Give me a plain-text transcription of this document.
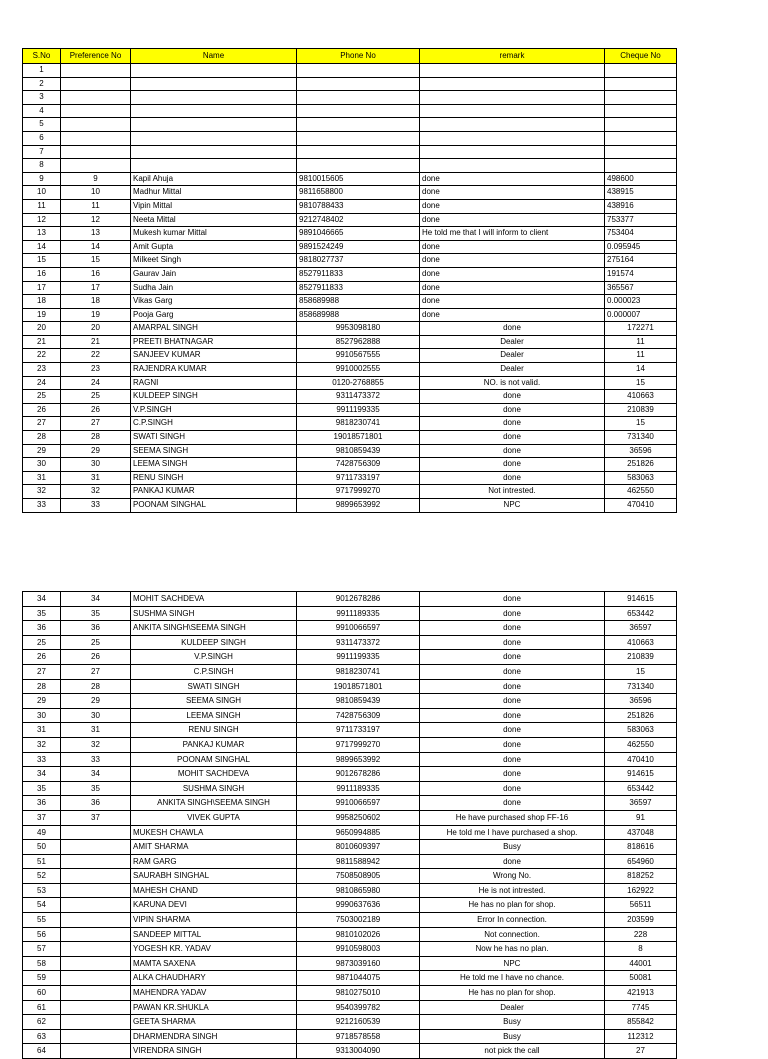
S.No	Preference No	Name	Phone No	remark	Cheque No
1					
2					
3					
4					
5					
6					
7					
8					
9	9	Kapil Ahuja	9810015605	done	498600
10	10	Madhur Mittal	9811658800	done	438915
11	11	Vipin Mittal	9810788433	done	438916
12	12	Neeta Mittal	9212748402	done	753377
13	13	Mukesh kumar Mittal	9891046665	He told me that I will inform to client	753404
14	14	Amit Gupta	9891524249	done	0.095945
15	15	Milkeet Singh	9818027737	done	275164
16	16	Gaurav Jain	8527911833	done	191574
17	17	Sudha Jain	8527911833	done	365567
18	18	Vikas Garg	858689988	done	0.000023
19	19	Pooja Garg	858689988	done	0.000007
20	20	AMARPAL SINGH	9953098180	done	172271
21	21	PREETI BHATNAGAR	8527962888	Dealer	11
22	22	SANJEEV KUMAR	9910567555	Dealer	11
23	23	RAJENDRA KUMAR	9910002555	Dealer	14
24	24	RAGNI	0120-2768855	NO. is not valid.	15
25	25	KULDEEP SINGH	9311473372	done	410663
26	26	V.P.SINGH	9911199335	done	210839
27	27	C.P.SINGH	9818230741	done	15
28	28	SWATI SINGH	19018571801	done	731340
29	29	SEEMA SINGH	9810859439	done	36596
30	30	LEEMA SINGH	7428756309	done	251826
31	31	RENU SINGH	9711733197	done	583063
32	32	PANKAJ KUMAR	9717999270	Not intrested.	462550
33	33	POONAM SINGHAL	9899653992	NPC	470410
34	34	MOHIT SACHDEVA	9012678286	done	914615
35	35	SUSHMA SINGH	9911189335	done	653442
36	36	ANKITA SINGH\SEEMA SINGH	9910066597	done	36597
25	25	KULDEEP SINGH	9311473372	done	410663
26	26	V.P.SINGH	9911199335	done	210839
27	27	C.P.SINGH	9818230741	done	15
28	28	SWATI SINGH	19018571801	done	731340
29	29	SEEMA SINGH	9810859439	done	36596
30	30	LEEMA SINGH	7428756309	done	251826
31	31	RENU SINGH	9711733197	done	583063
32	32	PANKAJ KUMAR	9717999270	done	462550
33	33	POONAM SINGHAL	9899653992	done	470410
34	34	MOHIT SACHDEVA	9012678286	done	914615
35	35	SUSHMA SINGH	9911189335	done	653442
36	36	ANKITA SINGH\SEEMA SINGH	9910066597	done	36597
37	37	VIVEK GUPTA	9958250602	He have purchased shop FF-16	91
49		MUKESH CHAWLA	9650994885	He told me I have purchased a shop.	437048
50		AMIT SHARMA	8010609397	Busy	818616
51		RAM GARG	9811588942	done	654960
52		SAURABH SINGHAL	7508508905	Wrong No.	818252
53		MAHESH CHAND	9810865980	He is not intrested.	162922
54		KARUNA DEVI	9990637636	He has no plan for shop.	56511
55		VIPIN SHARMA	7503002189	Error In connection.	203599
56		SANDEEP MITTAL	9810102026	Not connection.	228
57		YOGESH KR. YADAV	9910598003	Now he has no plan.	8
58		MAMTA SAXENA	9873039160	NPC	44001
59		ALKA CHAUDHARY	9871044075	He told me I have no chance.	50081
60		MAHENDRA YADAV	9810275010	He has no plan for shop.	421913
61		PAWAN KR.SHUKLA	9540399782	Dealer	7745
62		GEETA SHARMA	9212160539	Busy	855842
63		DHARMENDRA SINGH	9718578558	Busy	112312
64		VIRENDRA SINGH	9313004090	not pick the call	27
